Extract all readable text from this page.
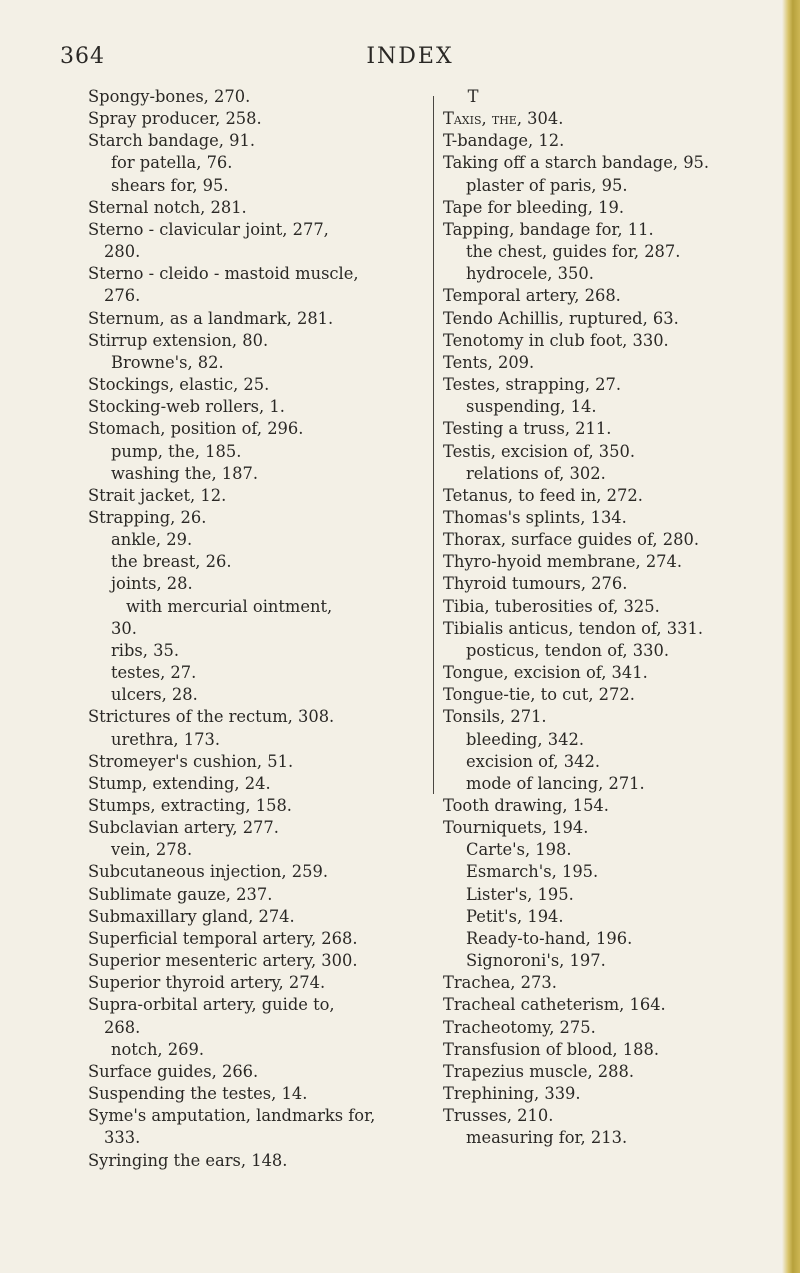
364	INDEX
Spongy-bones, 270.
Spray producer, 258.
Starch bandage, 91.
for patella, 76.
shears for, 95.
Sternal notch, 281.
Sterno - clavicular joint, 277,
280.
Sterno - cleido - mastoid muscle,
276.
Sternum, as a landmark, 281.
Stirrup extension, 80.
Browne's, 82.
Stockings, elastic, 25.
Stocking-web rollers, 1.
Stomach, position of, 296.
pump, the, 185.
washing the, 187.
Strait jacket, 12.
Strapping, 26.
ankle, 29.
the breast, 26.
joints, 28.
with mercurial ointment,
30.
ribs, 35.
testes, 27.
ulcers, 28.
Strictures of the rectum, 308.
urethra, 173.
Stromeyer's cushion, 51.
Stump, extending, 24.
Stumps, extracting, 158.
Subclavian artery, 277.
vein, 278.
Subcutaneous injection, 259.
Sublimate gauze, 237.
Submaxillary gland, 274.
Superficial temporal artery, 268.
Superior mesenteric artery, 300.
Superior thyroid artery, 274.
Supra-orbital artery, guide to,
268.
notch, 269.
Surface guides, 266.
Suspending the testes, 14.
Syme's amputation, landmarks for,
333.
Syringing the ears, 148.
T
Taxis, the, 304.
T-bandage, 12.
Taking off a starch bandage, 95.
plaster of paris, 95.
Tape for bleeding, 19.
Tapping, bandage for, 11.
the chest, guides for, 287.
hydrocele, 350.
Temporal artery, 268.
Tendo Achillis, ruptured, 63.
Tenotomy in club foot, 330.
Tents, 209.
Testes, strapping, 27.
suspending, 14.
Testing a truss, 211.
Testis, excision of, 350.
relations of, 302.
Tetanus, to feed in, 272.
Thomas's splints, 134.
Thorax, surface guides of, 280.
Thyro-hyoid membrane, 274.
Thyroid tumours, 276.
Tibia, tuberosities of, 325.
Tibialis anticus, tendon of, 331.
posticus, tendon of, 330.
Tongue, excision of, 341.
Tongue-tie, to cut, 272.
Tonsils, 271.
bleeding, 342.
excision of, 342.
mode of lancing, 271.
Tooth drawing, 154.
Tourniquets, 194.
Carte's, 198.
Esmarch's, 195.
Lister's, 195.
Petit's, 194.
Ready-to-hand, 196.
Signoroni's, 197.
Trachea, 273.
Tracheal catheterism, 164.
Tracheotomy, 275.
Transfusion of blood, 188.
Trapezius muscle, 288.
Trephining, 339.
Trusses, 210.
measuring for, 213.
